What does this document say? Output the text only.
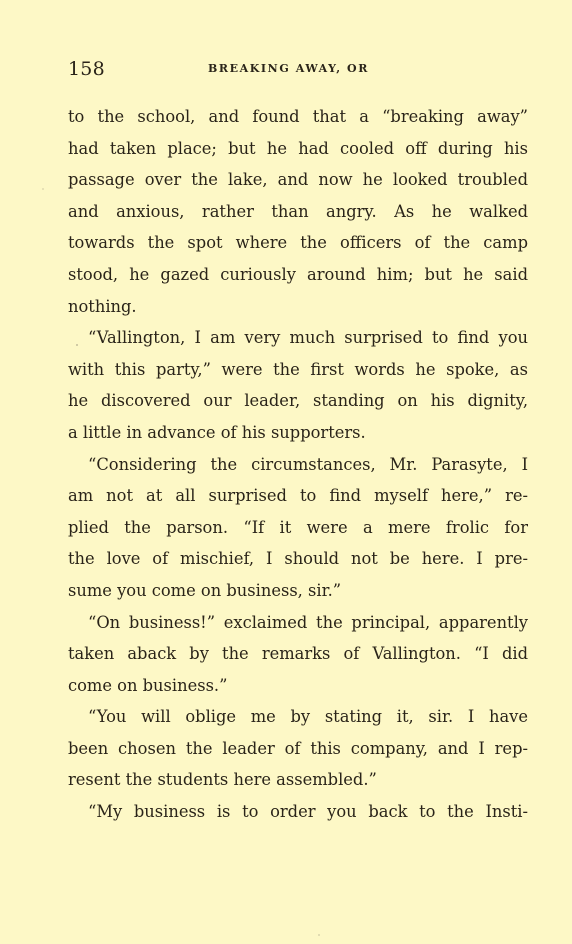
158	BREAKING AWAY, OR
to the school, and found that a “breaking away”
had taken place; but he had cooled off during his
passage over the lake, and now he looked troubled
and anxious, rather than angry. As he walked
towards the spot where the officers of the camp
stood, he gazed curiously around him; but he said
nothing.
“Vallington, I am very much surprised to find you
with this party,” were the first words he spoke, as
he discovered our leader, standing on his dignity,
a little in advance of his supporters.
“Considering the circumstances, Mr. Parasyte, I
am not at all surprised to find myself here,” re-
plied the parson. “If it were a mere frolic for
the love of mischief, I should not be here. I pre-
sume you come on business, sir.”
“On business!” exclaimed the principal, apparently
taken aback by the remarks of Vallington. “I did
come on business.”
“You will oblige me by stating it, sir. I have
been chosen the leader of this company, and I rep-
resent the students here assembled.”
“My business is to order you back to the Insti-
